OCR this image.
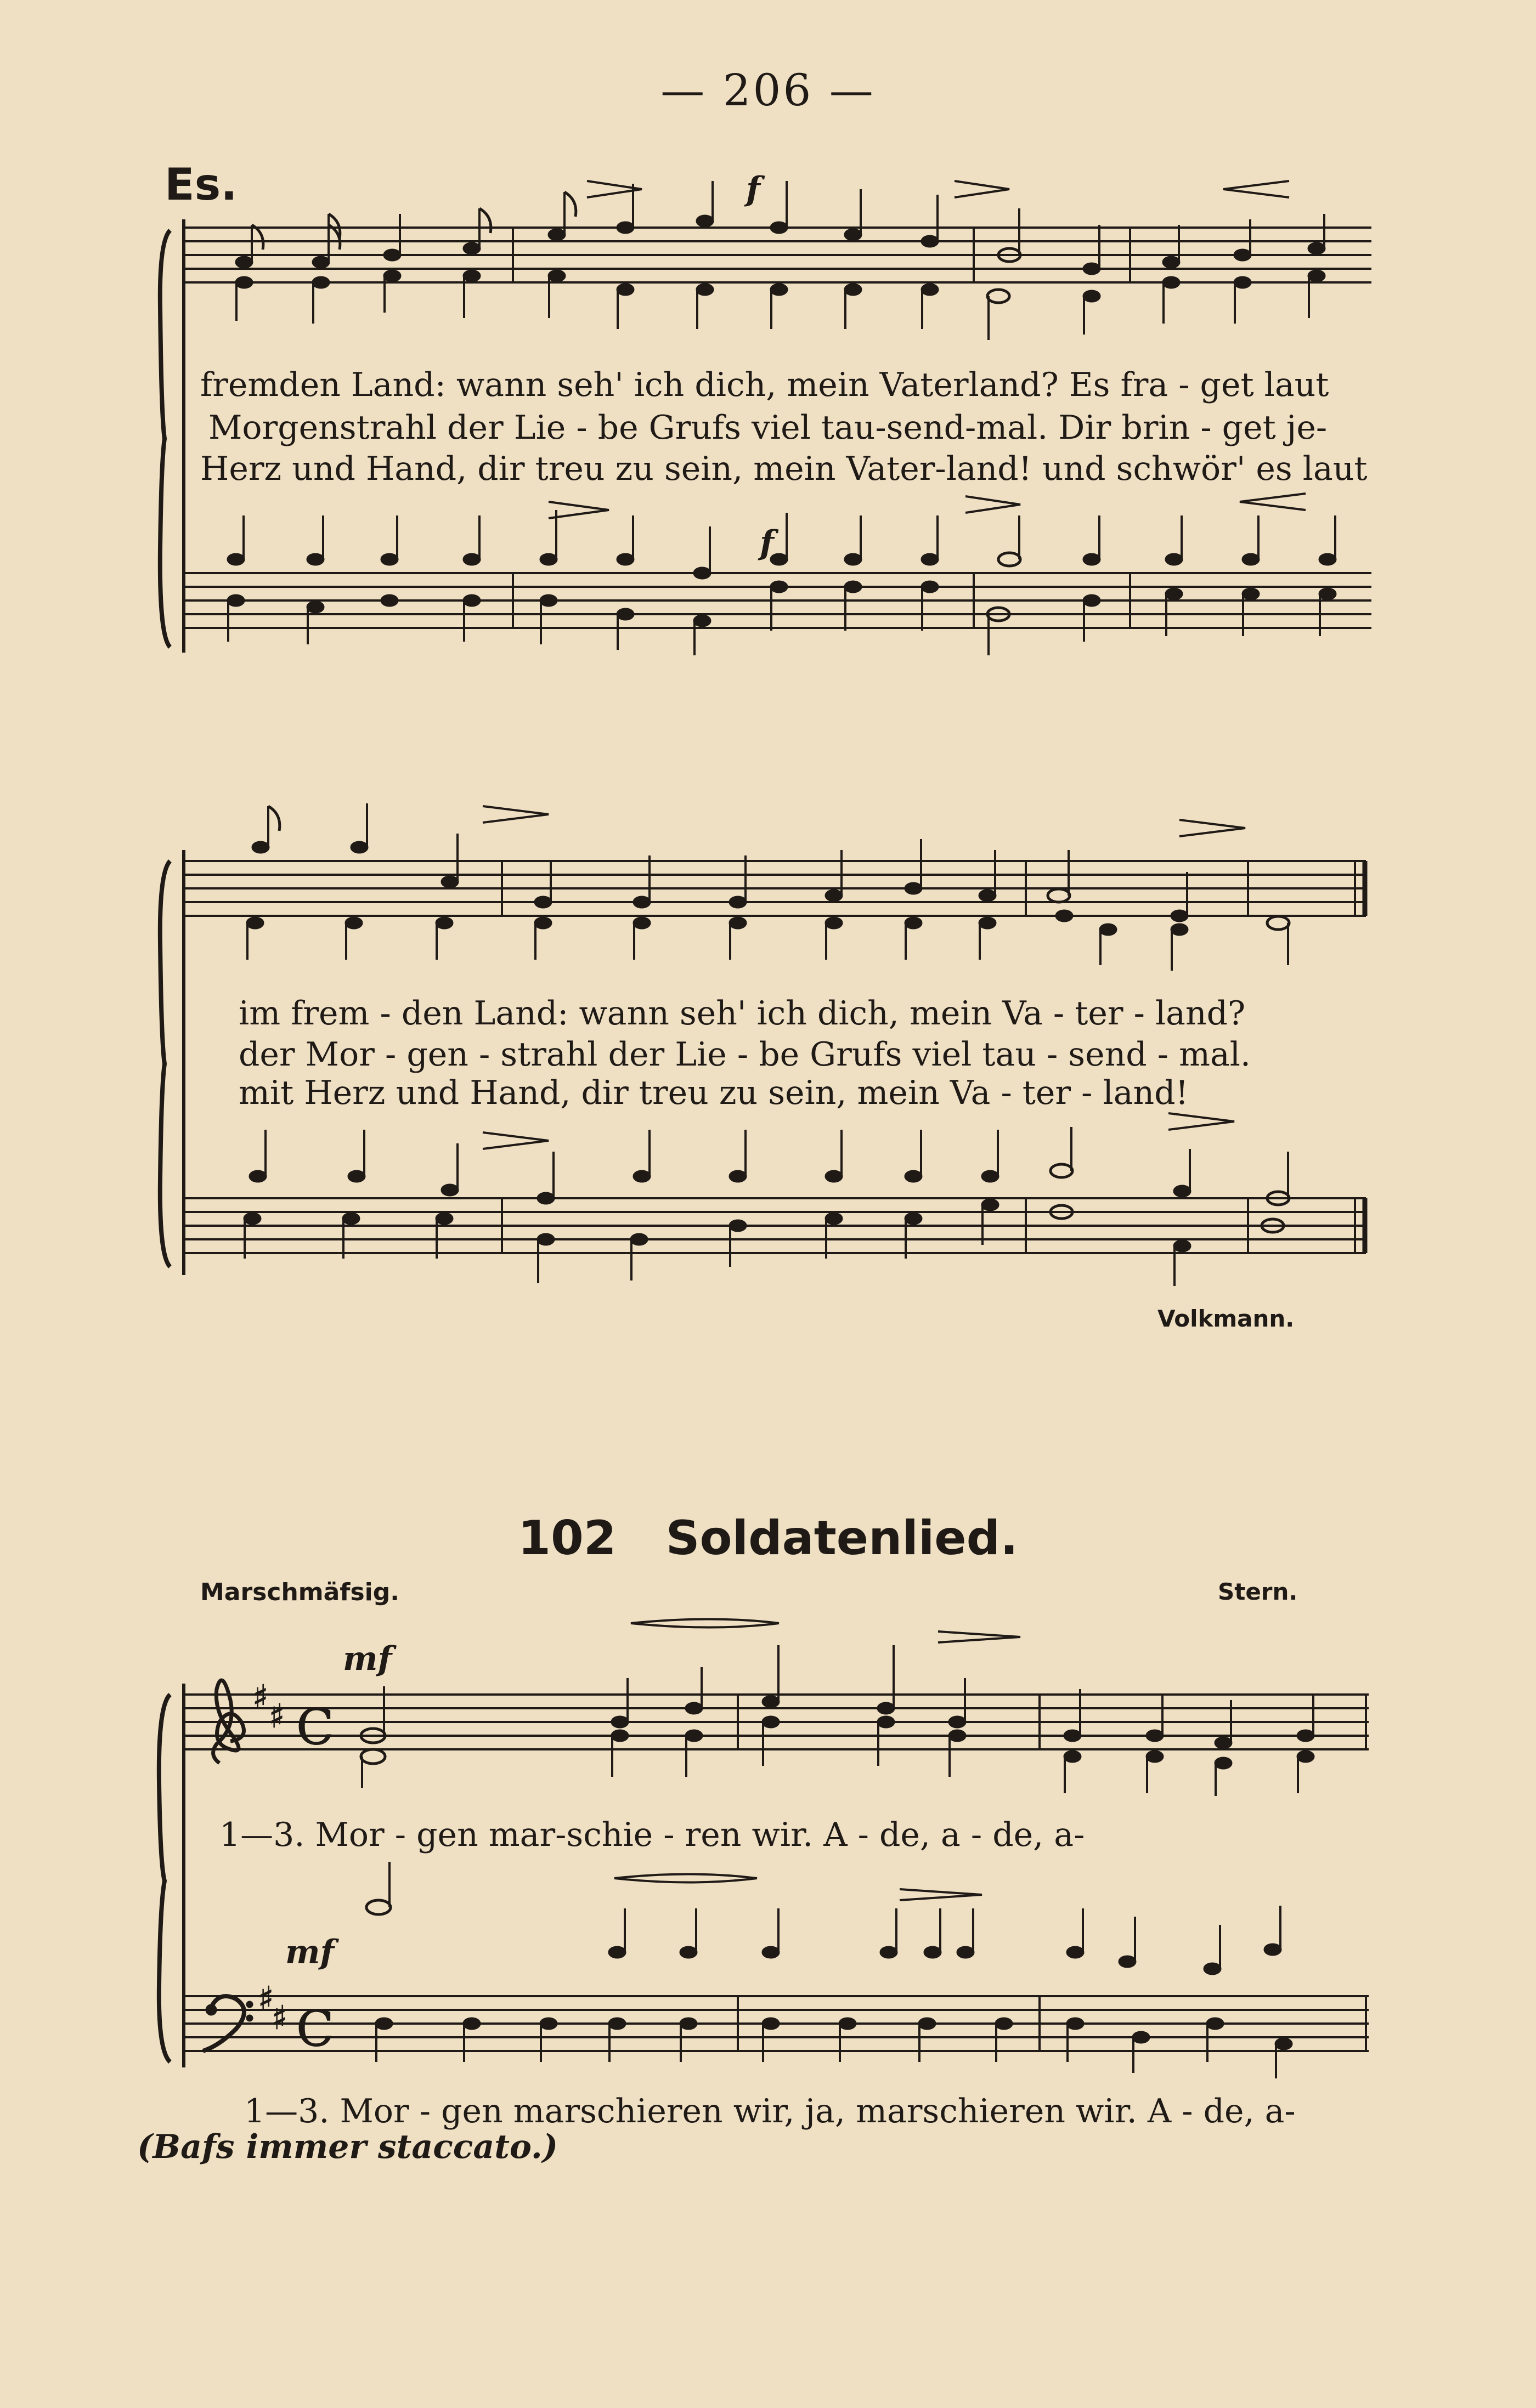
— 206 —
Es.	f
f
fremden Land: wann seh' ich dich, mein Vaterland? Es fra - get laut
Morgenstrahl der Lie - be Grufs viel tau-send-mal. Dir brin - get je-
Herz und Hand, dir treu zu sein, mein Vater-land! und schwör' es laut
im frem - den Land: wann seh' ich dich, mein Va - ter - land?
der Mor - gen - strahl der Lie - be Grufs viel tau - send - mal.
mit Herz und Hand, dir treu zu sein, mein Va - ter - land!
Volkmann.
102 Soldatenlied.
Marschmäfsig.	Stern.
♯ ♯ C
♯
♯ C
mf
mf
1—3. Mor - gen mar-schie - ren wir. A - de, a - de, a-
1—3. Mor - gen marschieren wir, ja, marschieren wir. A - de, a-
(Bafs immer staccato.)
